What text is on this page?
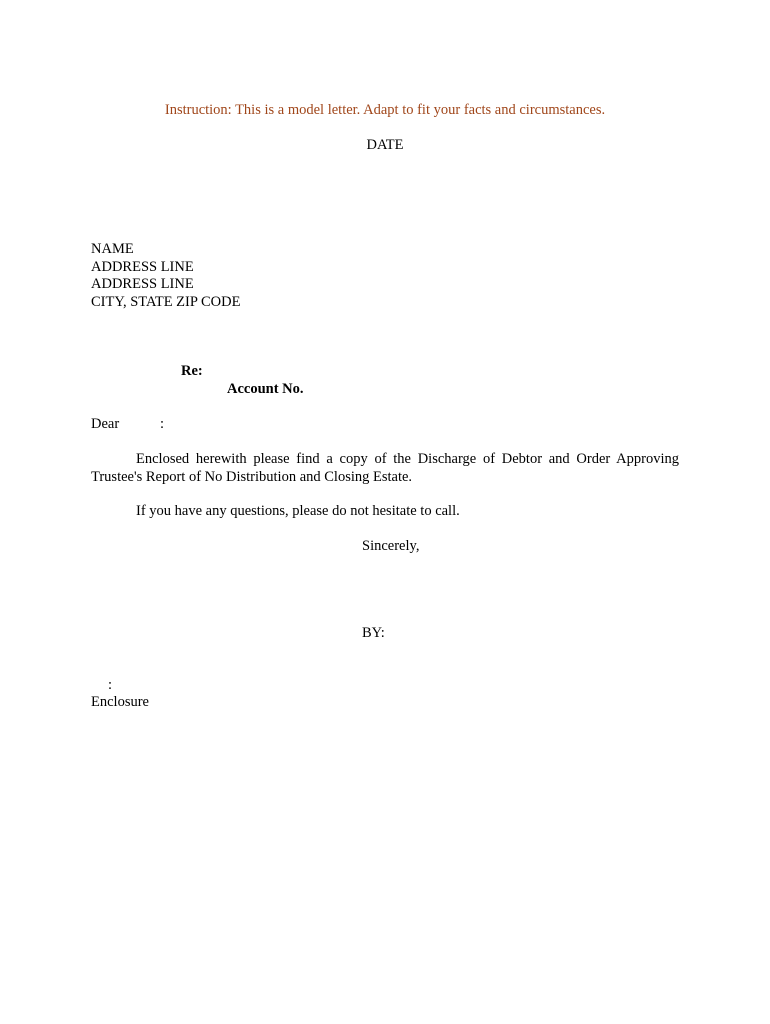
Instruction: This is a model letter. Adapt to fit your facts and circumstances.
DATE
NAME
ADDRESS LINE
ADDRESS LINE
CITY, STATE ZIP CODE
Re:
Account No.
Dear	:
Enclosed herewith please find a copy of the Discharge of Debtor and Order Approving
Trustee's Report of No Distribution and Closing Estate.
If you have any questions, please do not hesitate to call.
Sincerely,
BY:
:
Enclosure
